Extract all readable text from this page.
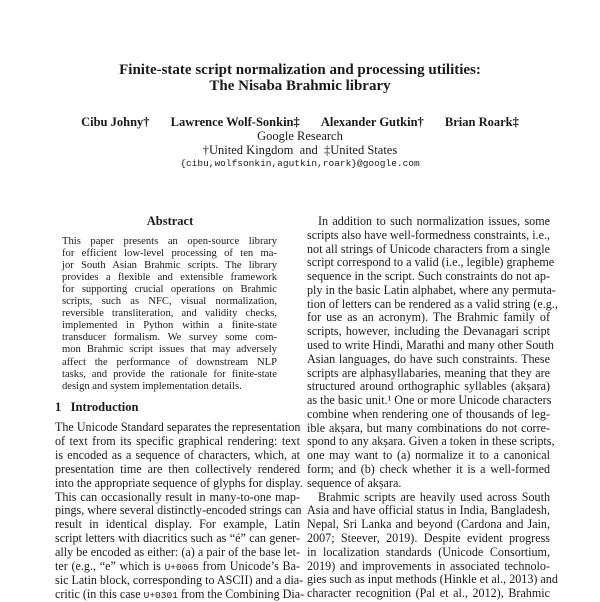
Finite-state script normalization and processing utilities:
The Nisaba Brahmic library
Cibu Johny† Lawrence Wolf-Sonkin‡ Alexander Gutkin† Brian Roark‡
Google Research
†United Kingdom  and  ‡United States
{cibu,wolfsonkin,agutkin,roark}@google.com
Abstract
This paper presents an open-source library
for efficient low-level processing of ten ma-
jor South Asian Brahmic scripts. The library
provides a flexible and extensible framework
for supporting crucial operations on Brahmic
scripts, such as NFC, visual normalization,
reversible transliteration, and validity checks,
implemented in Python within a finite-state
transducer formalism. We survey some com-
mon Brahmic script issues that may adversely
affect the performance of downstream NLP
tasks, and provide the rationale for finite-state
design and system implementation details.
1   Introduction
The Unicode Standard separates the representation
of text from its specific graphical rendering: text
is encoded as a sequence of characters, which, at
presentation time are then collectively rendered
into the appropriate sequence of glyphs for display.
This can occasionally result in many-to-one map-
pings, where several distinctly-encoded strings can
result in identical display. For example, Latin
script letters with diacritics such as “é” can gener-
ally be encoded as either: (a) a pair of the base let-
ter (e.g., “e” which is U+0065 from Unicode’s Ba-
sic Latin block, corresponding to ASCII) and a dia-
critic (in this case U+0301 from the Combining Dia-
In addition to such normalization issues, some
scripts also have well-formedness constraints, i.e.,
not all strings of Unicode characters from a single
script correspond to a valid (i.e., legible) grapheme
sequence in the script. Such constraints do not ap-
ply in the basic Latin alphabet, where any permuta-
tion of letters can be rendered as a valid string (e.g.,
for use as an acronym). The Brahmic family of
scripts, however, including the Devanagari script
used to write Hindi, Marathi and many other South
Asian languages, do have such constraints. These
scripts are alphasyllabaries, meaning that they are
structured around orthographic syllables (akṣara)
as the basic unit.¹ One or more Unicode characters
combine when rendering one of thousands of leg-
ible akṣara, but many combinations do not corre-
spond to any akṣara. Given a token in these scripts,
one may want to (a) normalize it to a canonical
form; and (b) check whether it is a well-formed
sequence of akṣara.
Brahmic scripts are heavily used across South
Asia and have official status in India, Bangladesh,
Nepal, Sri Lanka and beyond (Cardona and Jain,
2007; Steever, 2019). Despite evident progress
in localization standards (Unicode Consortium,
2019) and improvements in associated technolo-
gies such as input methods (Hinkle et al., 2013) and
character recognition (Pal et al., 2012), Brahmic
